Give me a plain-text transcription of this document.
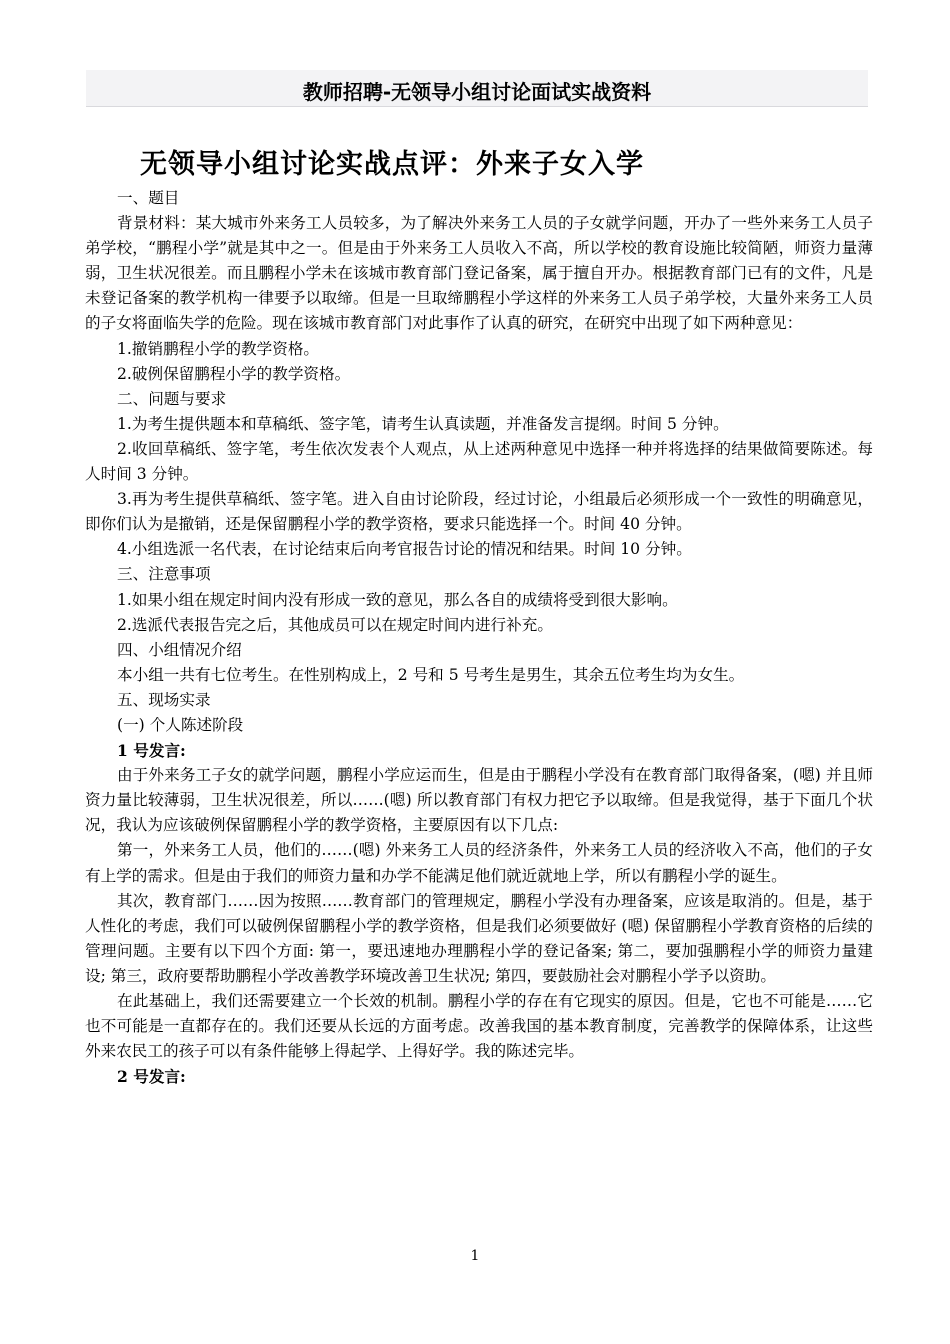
教师招聘-无领导小组讨论面试实战资料
无领导小组讨论实战点评：外来子女入学

一、题目

背景材料：某大城市外来务工人员较多，为了解决外来务工人员的子女就学问题，开办了一些外来务工人员子弟学校，“鹏程小学”就是其中之一。但是由于外来务工人员收入不高，所以学校的教育设施比较简陋，师资力量薄弱，卫生状况很差。而且鹏程小学未在该城市教育部门登记备案，属于擅自开办。根据教育部门已有的文件，凡是未登记备案的教学机构一律要予以取缔。但是一旦取缔鹏程小学这样的外来务工人员子弟学校，大量外来务工人员的子女将面临失学的危险。现在该城市教育部门对此事作了认真的研究，在研究中出现了如下两种意见：

1.撤销鹏程小学的教学资格。

2.破例保留鹏程小学的教学资格。

二、问题与要求

1.为考生提供题本和草稿纸、签字笔，请考生认真读题，并准备发言提纲。时间 5 分钟。

2.收回草稿纸、签字笔，考生依次发表个人观点，从上述两种意见中选择一种并将选择的结果做简要陈述。每人时间 3 分钟。

3.再为考生提供草稿纸、签字笔。进入自由讨论阶段，经过讨论，小组最后必须形成一个一致性的明确意见，即你们认为是撤销，还是保留鹏程小学的教学资格，要求只能选择一个。时间 40 分钟。

4.小组选派一名代表，在讨论结束后向考官报告讨论的情况和结果。时间 10 分钟。

三、注意事项

1.如果小组在规定时间内没有形成一致的意见，那么各自的成绩将受到很大影响。

2.选派代表报告完之后，其他成员可以在规定时间内进行补充。

四、小组情况介绍

本小组一共有七位考生。在性别构成上，2 号和 5 号考生是男生，其余五位考生均为女生。

五、现场实录

(一) 个人陈述阶段

1 号发言:

由于外来务工子女的就学问题，鹏程小学应运而生，但是由于鹏程小学没有在教育部门取得备案，(嗯) 并且师资力量比较薄弱，卫生状况很差，所以……(嗯) 所以教育部门有权力把它予以取缔。但是我觉得，基于下面几个状况，我认为应该破例保留鹏程小学的教学资格，主要原因有以下几点:

第一，外来务工人员，他们的……(嗯) 外来务工人员的经济条件，外来务工人员的经济收入不高，他们的子女有上学的需求。但是由于我们的师资力量和办学不能满足他们就近就地上学，所以有鹏程小学的诞生。

其次，教育部门……因为按照……教育部门的管理规定，鹏程小学没有办理备案，应该是取消的。但是，基于人性化的考虑，我们可以破例保留鹏程小学的教学资格，但是我们必须要做好 (嗯) 保留鹏程小学教育资格的后续的管理问题。主要有以下四个方面: 第一，要迅速地办理鹏程小学的登记备案; 第二，要加强鹏程小学的师资力量建设; 第三，政府要帮助鹏程小学改善教学环境改善卫生状况; 第四，要鼓励社会对鹏程小学予以资助。

在此基础上，我们还需要建立一个长效的机制。鹏程小学的存在有它现实的原因。但是，它也不可能是……它也不可能是一直都存在的。我们还要从长远的方面考虑。改善我国的基本教育制度，完善教学的保障体系，让这些外来农民工的孩子可以有条件能够上得起学、上得好学。我的陈述完毕。

2 号发言:

1
